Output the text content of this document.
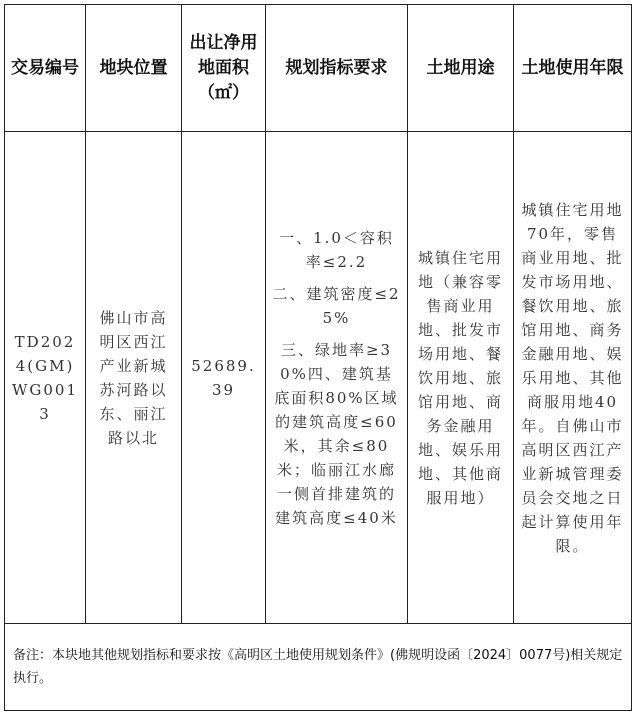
交易编号	地块位置	出让净用地面积（㎡）	规划指标要求	土地用途	土地使用年限
TD2024(GM)WG0013	佛山市高明区西江产业新城苏河路以东、丽江路以北	52689.39	一、1.0＜容积率≤2.2

二、建筑密度≤25%

三、绿地率≥30%四、建筑基底面积80%区域的建筑高度≤60米，其余≤80米；临丽江水廊一侧首排建筑的建筑高度≤40米	城镇住宅用地（兼容零售商业用地、批发市场用地、餐饮用地、旅馆用地、商务金融用地、娱乐用地、其他商服用地）	城镇住宅用地70年，零售商业用地、批发市场用地、餐饮用地、旅馆用地、商务金融用地、娱乐用地、其他商服用地40年。自佛山市高明区西江产业新城管理委员会交地之日起计算使用年限。
备注：本块地其他规划指标和要求按《高明区土地使用规划条件》(佛规明设函〔2024〕0077号)相关规定执行。					
